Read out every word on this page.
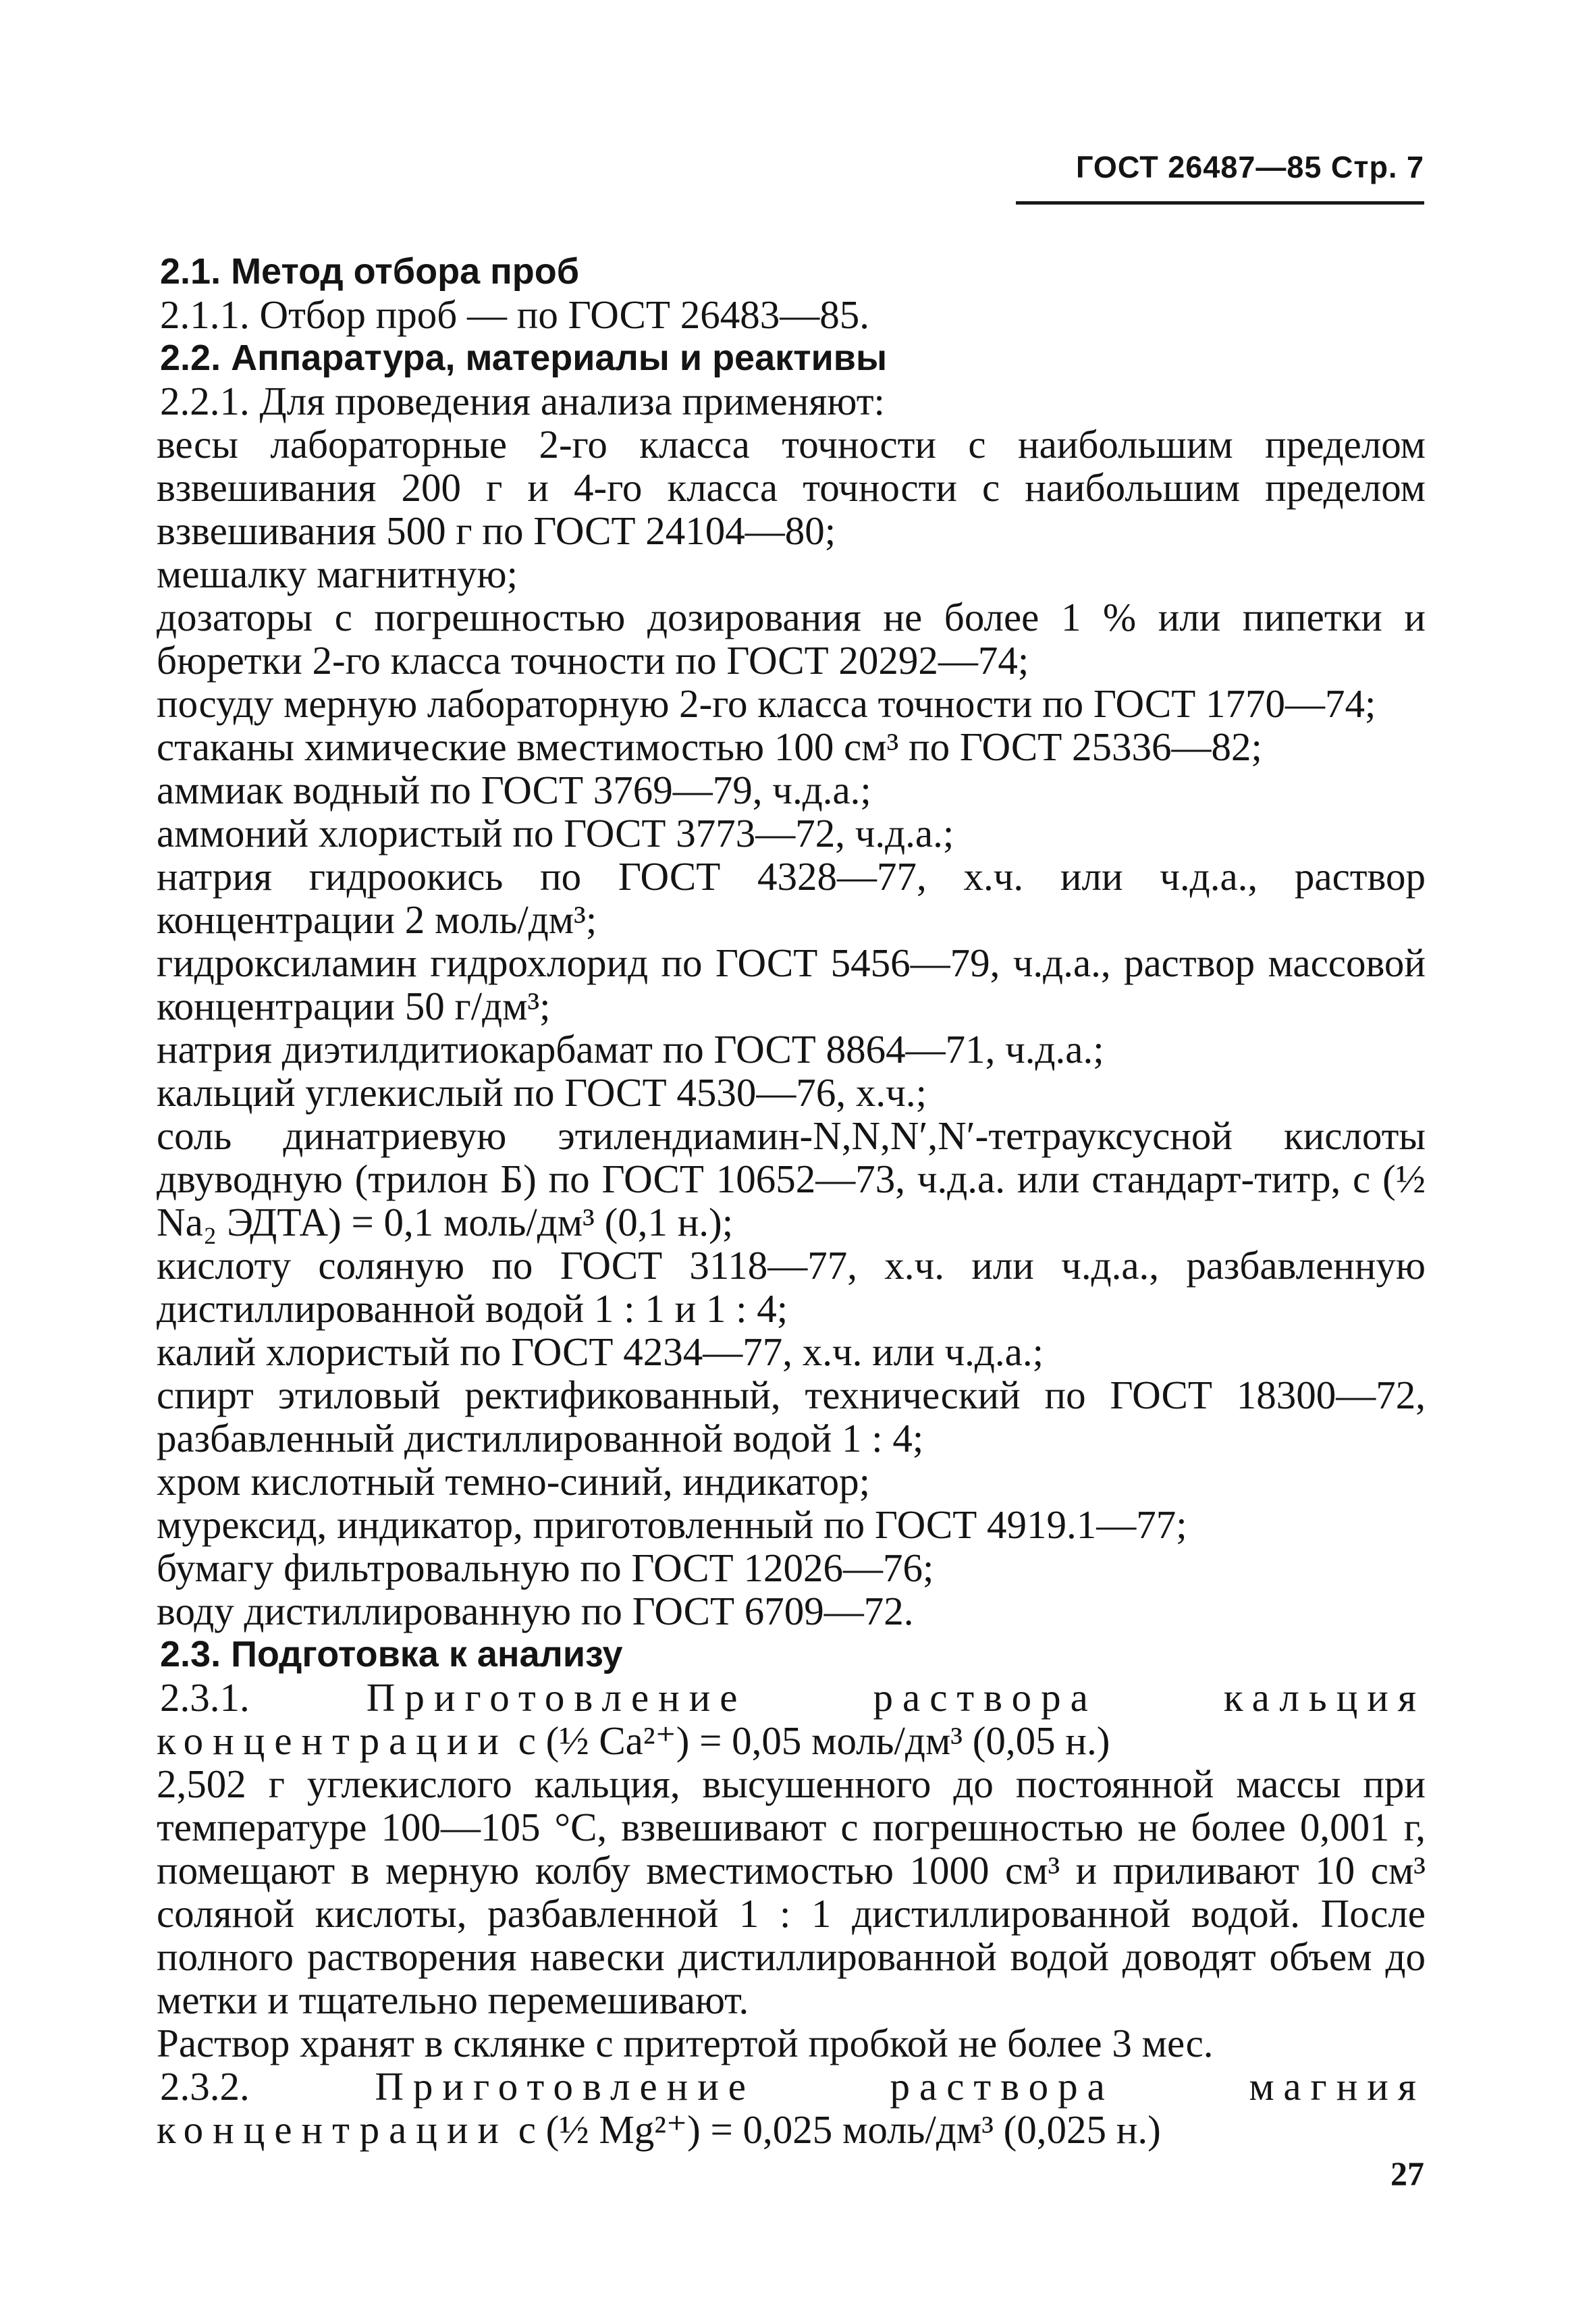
ГОСТ 26487—85 Стр. 7

2.1. Метод отбора проб

2.1.1. Отбор проб — по ГОСТ 26483—85.

2.2. Аппаратура, материалы и реактивы

2.2.1. Для проведения анализа применяют:

весы лабораторные 2-го класса точности с наибольшим пределом взвешивания 200 г и 4-го класса точности с наибольшим пределом взвешивания 500 г по ГОСТ 24104—80;

мешалку магнитную;

дозаторы с погрешностью дозирования не более 1 % или пипетки и бюретки 2-го класса точности по ГОСТ 20292—74;

посуду мерную лабораторную 2-го класса точности по ГОСТ 1770—74;

стаканы химические вместимостью 100 см³ по ГОСТ 25336—82;

аммиак водный по ГОСТ 3769—79, ч.д.а.;

аммоний хлористый по ГОСТ 3773—72, ч.д.а.;

натрия гидроокись по ГОСТ 4328—77, х.ч. или ч.д.а., раствор концентрации 2 моль/дм³;

гидроксиламин гидрохлорид по ГОСТ 5456—79, ч.д.а., раствор массовой концентрации 50 г/дм³;

натрия диэтилдитиокарбамат по ГОСТ 8864—71, ч.д.а.;

кальций углекислый по ГОСТ 4530—76, х.ч.;

соль динатриевую этилендиамин-N,N,N′,N′-тетрауксусной кислоты двуводную (трилон Б) по ГОСТ 10652—73, ч.д.а. или стандарт-титр, с (½ Na₂ ЭДТА) = 0,1 моль/дм³ (0,1 н.);

кислоту соляную по ГОСТ 3118—77, х.ч. или ч.д.а., разбавленную дистиллированной водой 1 : 1 и 1 : 4;

калий хлористый по ГОСТ 4234—77, х.ч. или ч.д.а.;

спирт этиловый ректификованный, технический по ГОСТ 18300—72, разбавленный дистиллированной водой 1 : 4;

хром кислотный темно-синий, индикатор;

мурексид, индикатор, приготовленный по ГОСТ 4919.1—77;

бумагу фильтровальную по ГОСТ 12026—76;

воду дистиллированную по ГОСТ 6709—72.

2.3. Подготовка к анализу

2.3.1.	Приготовление раствора кальция концентрации с (½ Ca²⁺) = 0,05 моль/дм³ (0,05 н.)

2,502 г углекислого кальция, высушенного до постоянной массы при температуре 100—105 °С, взвешивают с погрешностью не более 0,001 г, помещают в мерную колбу вместимостью 1000 см³ и приливают 10 см³ соляной кислоты, разбавленной 1 : 1 дистиллированной водой. После полного растворения навески дистиллированной водой доводят объем до метки и тщательно перемешивают.

Раствор хранят в склянке с притертой пробкой не более 3 мес.

2.3.2.	Приготовление раствора магния концентрации с (½ Mg²⁺) = 0,025 моль/дм³ (0,025 н.)

27
